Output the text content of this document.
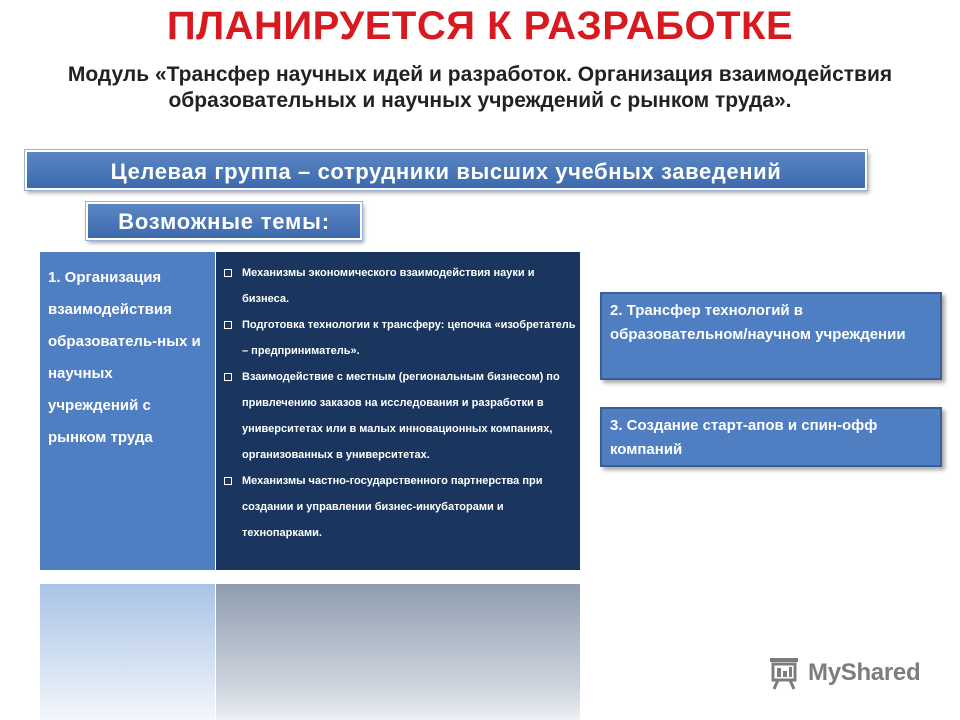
ПЛАНИРУЕТСЯ К РАЗРАБОТКЕ
Модуль «Трансфер научных идей и разработок. Организация взаимодействия образовательных и научных учреждений с рынком труда».
Целевая группа – сотрудники высших учебных заведений
Возможные темы:
1. Организация взаимодействия образователь-ных и научных учреждений с рынком труда
Механизмы экономического взаимодействия науки и бизнеса.
Подготовка технологии к трансферу: цепочка «изобретатель – предприниматель».
Взаимодействие с местным (региональным бизнесом) по привлечению заказов на исследования и разработки в университетах или в малых инновационных компаниях, организованных в университетах.
Механизмы частно-государственного партнерства при создании и управлении бизнес-инкубаторами и технопарками.
2. Трансфер технологий в образовательном/научном учреждении
3. Создание старт-апов и спин-офф компаний
MyShared
